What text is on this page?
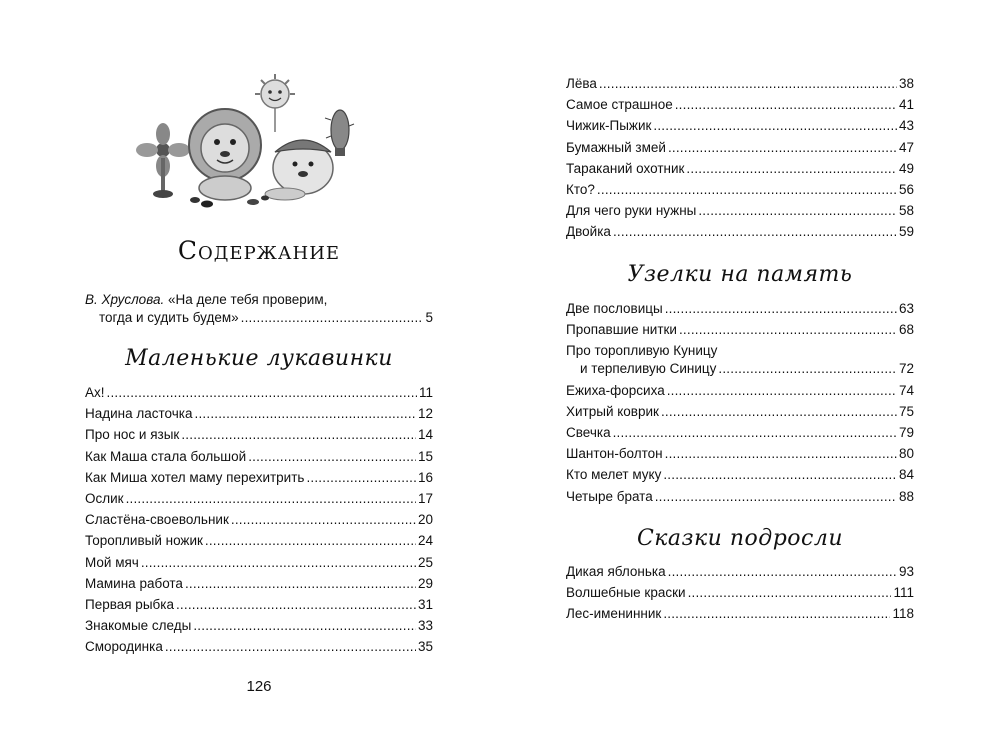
Содержание
В. Хруслова. «На деле тебя проверим,
тогда и судить будем» .....	5
Маленькие лукавинки
Ах! .....	11
Надина ласточка .....	12
Про нос и язык .....	14
Как Маша стала большой .....	15
Как Миша хотел маму перехитрить .....	16
Ослик .....	17
Сластёна-своевольник .....	20
Торопливый ножик .....	24
Мой мяч .....	25
Мамина работа .....	29
Первая рыбка .....	31
Знакомые следы .....	33
Смородинка .....	35
126
Лёва .....	38
Самое страшное .....	41
Чижик-Пыжик .....	43
Бумажный змей .....	47
Тараканий охотник .....	49
Кто? .....	56
Для чего руки нужны .....	58
Двойка .....	59
Узелки на память
Две пословицы .....	63
Пропавшие нитки .....	68
Про торопливую Куницу
и терпеливую Синицу .....	72
Ежиха-форсиха .....	74
Хитрый коврик .....	75
Свечка .....	79
Шантон-болтон .....	80
Кто мелет муку .....	84
Четыре брата .....	88
Сказки подросли
Дикая яблонька .....	93
Волшебные краски .....	111
Лес-именинник .....	118
